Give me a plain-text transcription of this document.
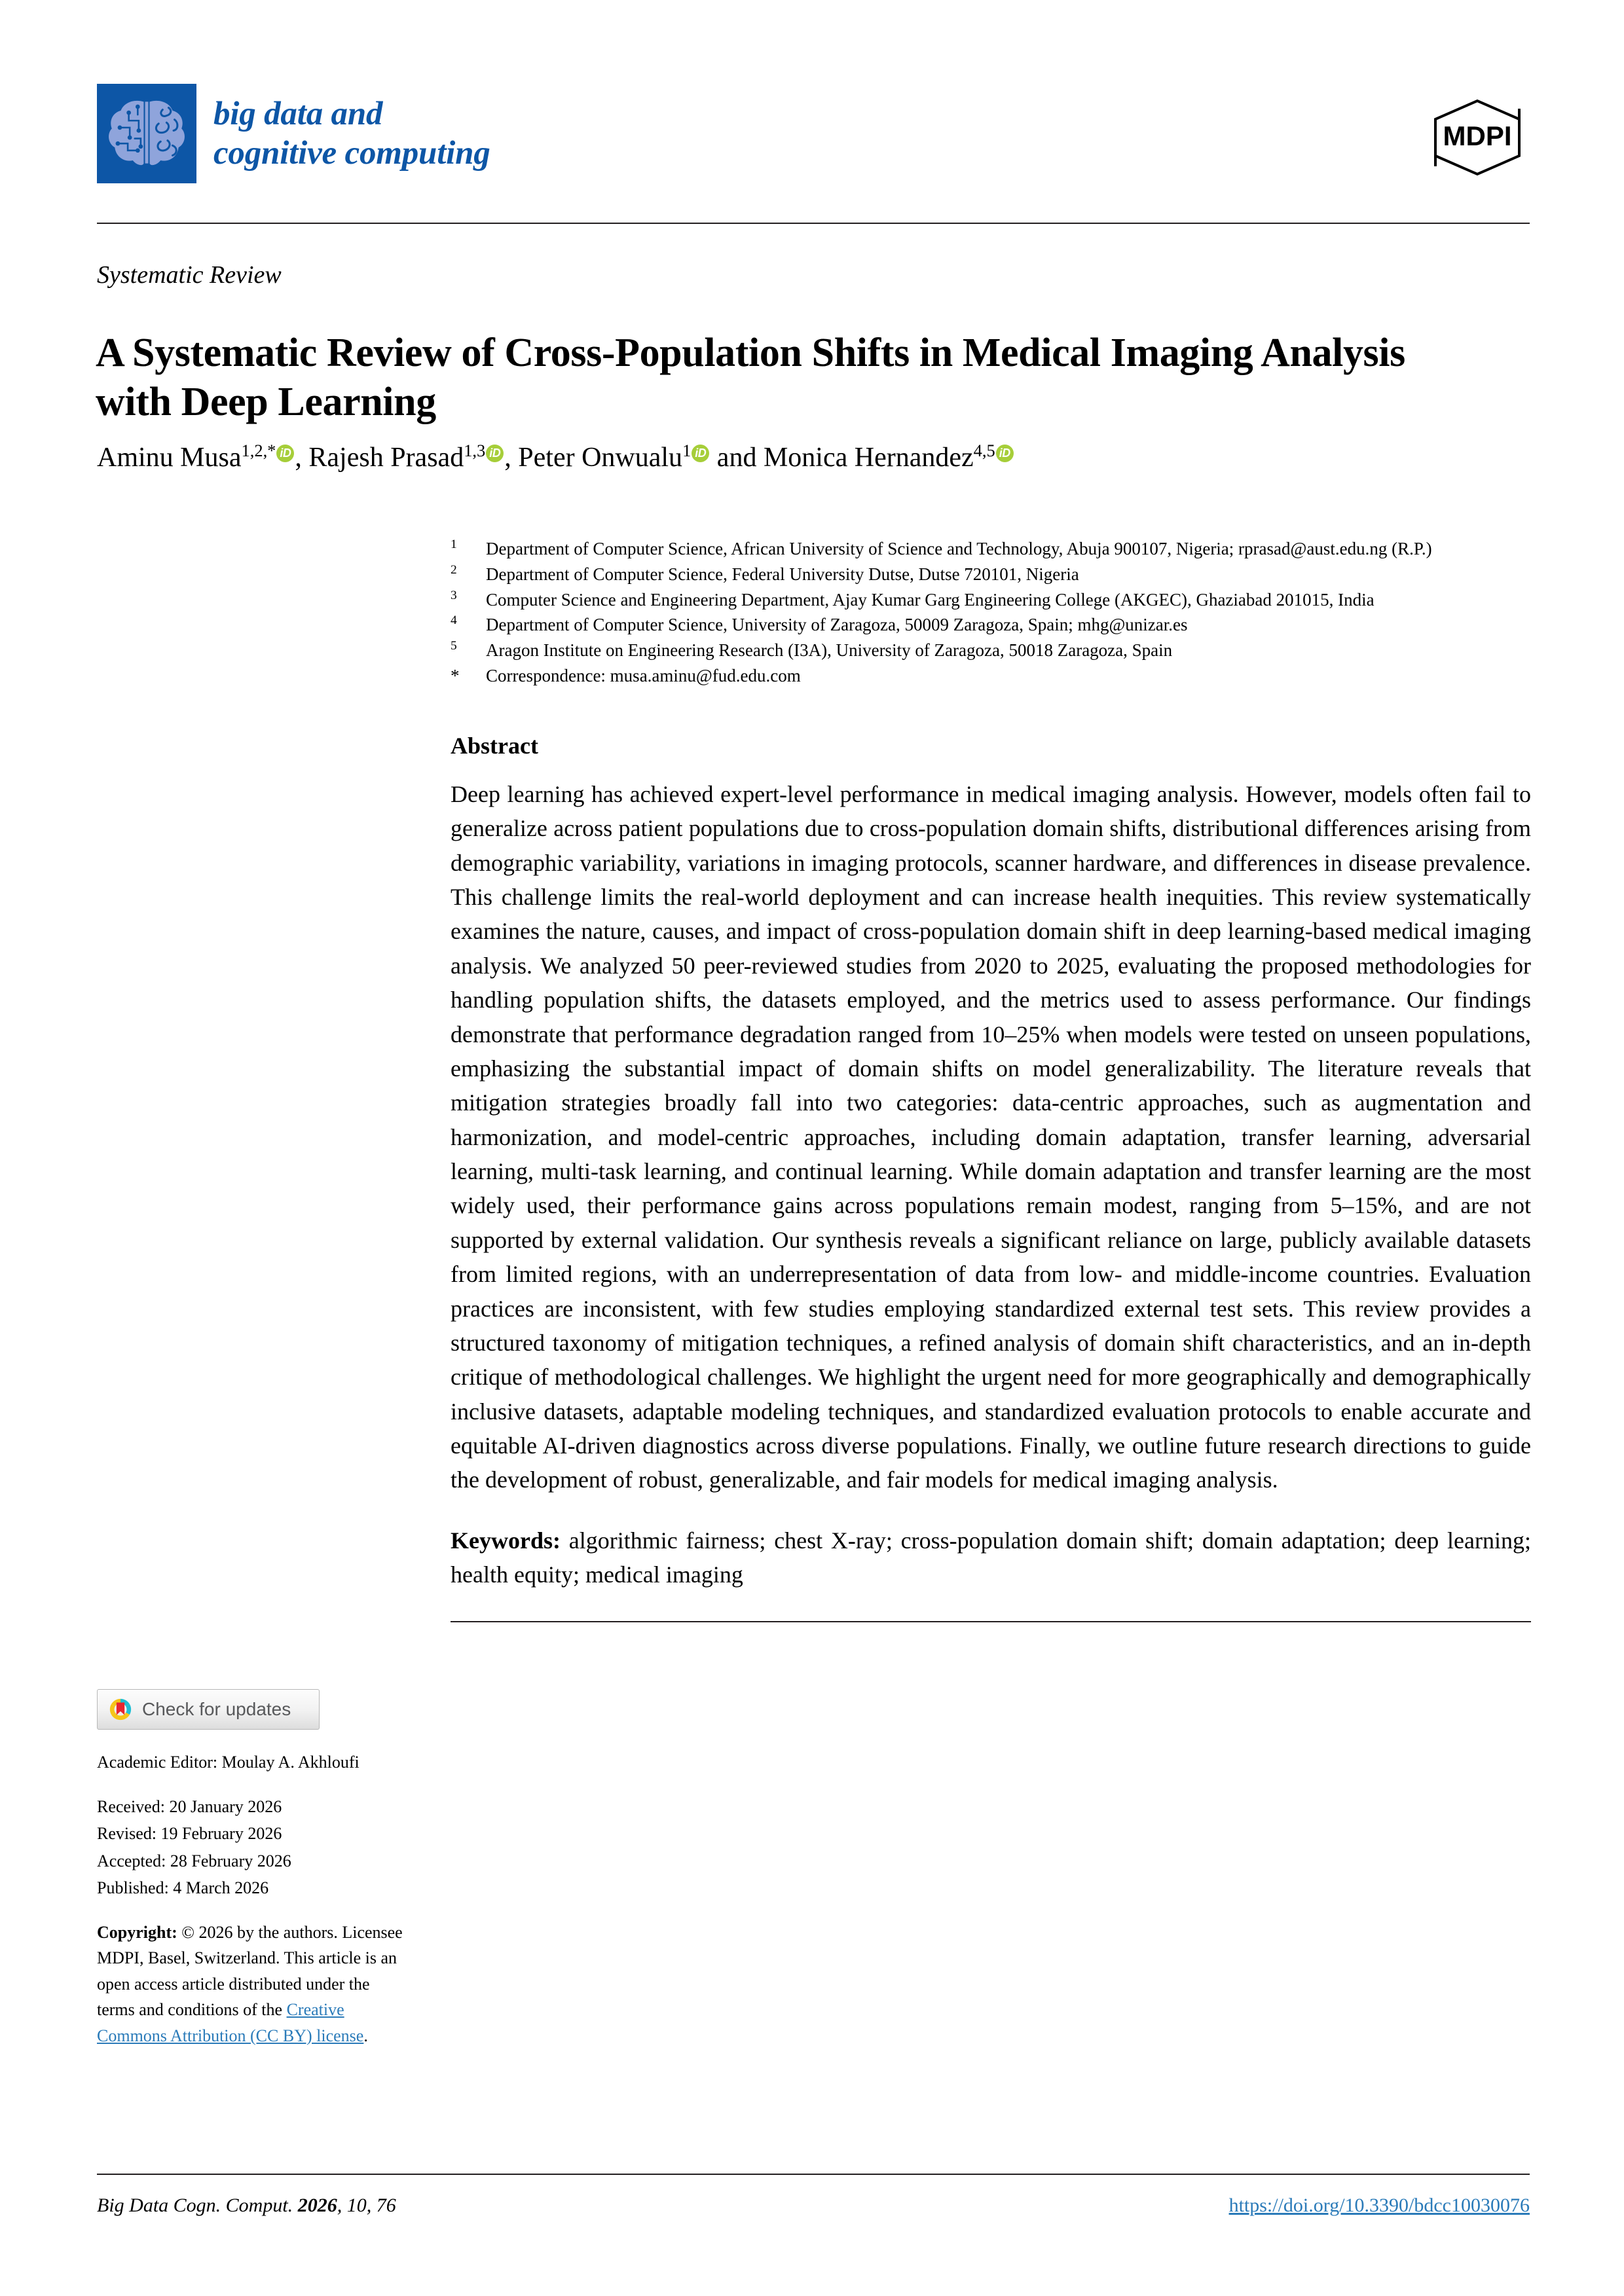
big data and
cognitive computing	MDPI
Systematic Review
A Systematic Review of Cross-Population Shifts in Medical Imaging Analysis with Deep Learning
Aminu Musa$^{1,2,*}$ iD , Rajesh Prasad$^{1,3}$ iD , Peter Onwualu$^1$ iD and Monica Hernandez$^{4,5}$ iD
$^1$	Department of Computer Science, African University of Science and Technology, Abuja 900107, Nigeria; rprasad@aust.edu.ng (R.P.)
$^2$	Department of Computer Science, Federal University Dutse, Dutse 720101, Nigeria
$^3$	Computer Science and Engineering Department, Ajay Kumar Garg Engineering College (AKGEC), Ghaziabad 201015, India
$^4$	Department of Computer Science, University of Zaragoza, 50009 Zaragoza, Spain; mhg@unizar.es
$^5$	Aragon Institute on Engineering Research (I3A), University of Zaragoza, 50018 Zaragoza, Spain
*	Correspondence: musa.aminu@fud.edu.com
Abstract
Deep learning has achieved expert-level performance in medical imaging analysis. However, models often fail to generalize across patient populations due to cross-population domain shifts, distributional differences arising from demographic variability, variations in imaging protocols, scanner hardware, and differences in disease prevalence. This challenge limits the real-world deployment and can increase health inequities. This review systematically examines the nature, causes, and impact of cross-population domain shift in deep learning-based medical imaging analysis. We analyzed 50 peer-reviewed studies from 2020 to 2025, evaluating the proposed methodologies for handling population shifts, the datasets employed, and the metrics used to assess performance. Our findings demonstrate that performance degradation ranged from 10–25% when models were tested on unseen populations, emphasizing the substantial impact of domain shifts on model generalizability. The literature reveals that mitigation strategies broadly fall into two categories: data-centric approaches, such as augmentation and harmonization, and model-centric approaches, including domain adaptation, transfer learning, adversarial learning, multi-task learning, and continual learning. While domain adaptation and transfer learning are the most widely used, their performance gains across populations remain modest, ranging from 5–15%, and are not supported by external validation. Our synthesis reveals a significant reliance on large, publicly available datasets from limited regions, with an underrepresentation of data from low- and middle-income countries. Evaluation practices are inconsistent, with few studies employing standardized external test sets. This review provides a structured taxonomy of mitigation techniques, a refined analysis of domain shift characteristics, and an in-depth critique of methodological challenges. We highlight the urgent need for more geographically and demographically inclusive datasets, adaptable modeling techniques, and standardized evaluation protocols to enable accurate and equitable AI-driven diagnostics across diverse populations. Finally, we outline future research directions to guide the development of robust, generalizable, and fair models for medical imaging analysis.
Keywords: algorithmic fairness; chest X-ray; cross-population domain shift; domain adaptation; deep learning; health equity; medical imaging
Check for updates
Academic Editor: Moulay A. Akhloufi
Received: 20 January 2026
Revised: 19 February 2026
Accepted: 28 February 2026
Published: 4 March 2026
Copyright: © 2026 by the authors. Licensee MDPI, Basel, Switzerland. This article is an open access article distributed under the terms and conditions of the Creative Commons Attribution (CC BY) license.
Big Data Cogn. Comput. 2026, 10, 76	https://doi.org/10.3390/bdcc10030076
